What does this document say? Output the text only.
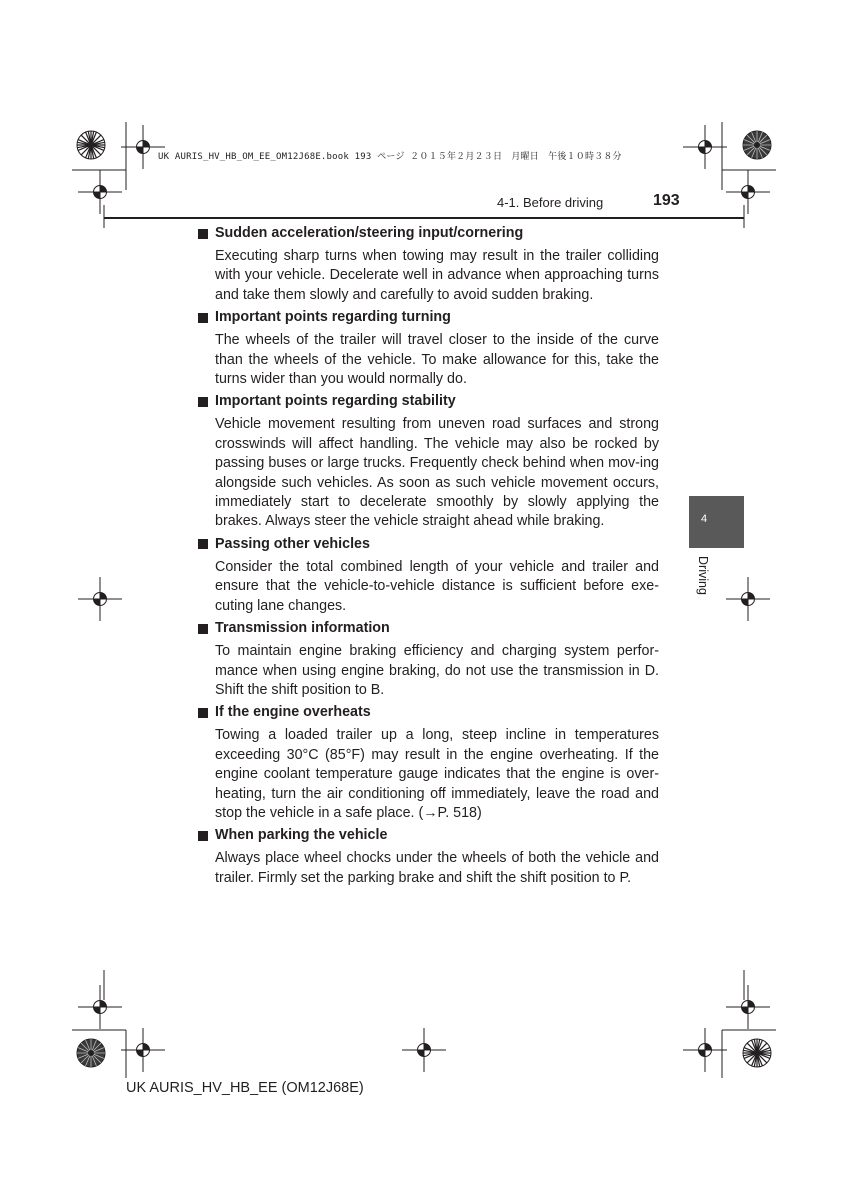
UK AURIS_HV_HB_OM_EE_OM12J68E.book 193 ページ ２０１５年２月２３日　月曜日　午後１０時３８分
4-1. Before driving	193
Sudden acceleration/steering input/cornering
Executing sharp turns when towing may result in the trailer colliding with your vehicle. Decelerate well in advance when approaching turns and take them slowly and carefully to avoid sudden braking.
Important points regarding turning
The wheels of the trailer will travel closer to the inside of the curve than the wheels of the vehicle. To make allowance for this, take the turns wider than you would normally do.
Important points regarding stability
Vehicle movement resulting from uneven road surfaces and strong crosswinds will affect handling. The vehicle may also be rocked by passing buses or large trucks. Frequently check behind when mov-ing alongside such vehicles. As soon as such vehicle movement occurs, immediately start to decelerate smoothly by slowly applying the brakes. Always steer the vehicle straight ahead while braking.
Passing other vehicles
Consider the total combined length of your vehicle and trailer and ensure that the vehicle-to-vehicle distance is sufficient before exe-cuting lane changes.
Transmission information
To maintain engine braking efficiency and charging system perfor-mance when using engine braking, do not use the transmission in D. Shift the shift position to B.
If the engine overheats
Towing a loaded trailer up a long, steep incline in temperatures exceeding 30°C (85°F) may result in the engine overheating. If the engine coolant temperature gauge indicates that the engine is over-heating, turn the air conditioning off immediately, leave the road and stop the vehicle in a safe place. (→P. 518)
When parking the vehicle
Always place wheel chocks under the wheels of both the vehicle and trailer. Firmly set the parking brake and shift the shift position to P.
4
Driving
UK AURIS_HV_HB_EE (OM12J68E)
